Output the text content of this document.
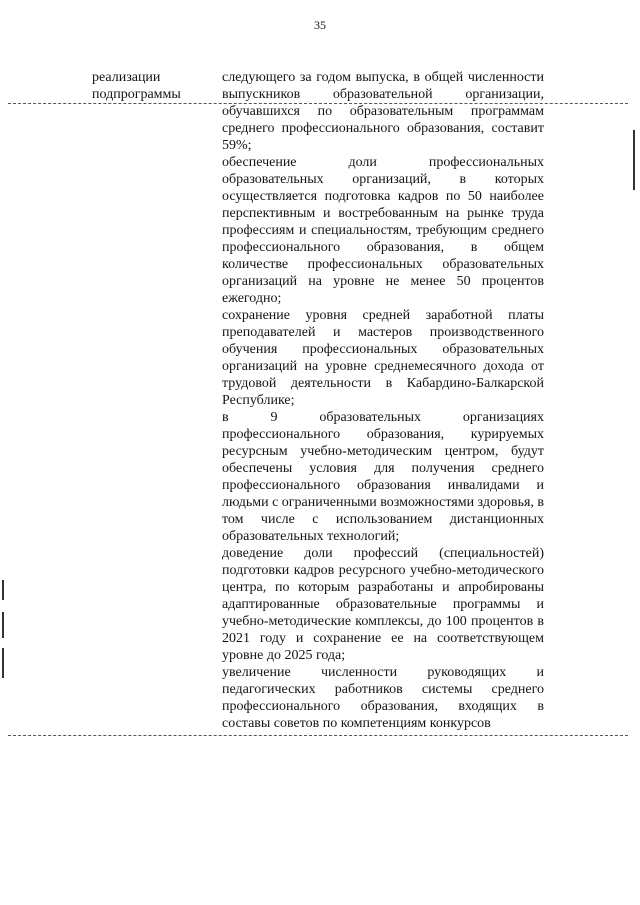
35
реализации
подпрограммы

следующего за годом выпуска, в общей численности выпускников образовательной организации, обучавшихся по образовательным программам среднего профессионального образования, составит 59%;

обеспечение доли профессиональных образовательных организаций, в которых осуществляется подготовка кадров по 50 наиболее перспективным и востребованным на рынке труда профессиям и специальностям, требующим среднего профессионального образования, в общем количестве профессиональных образовательных организаций на уровне не менее 50 процентов ежегодно;

сохранение уровня средней заработной платы преподавателей и мастеров производственного обучения профессиональных образовательных организаций на уровне среднемесячного дохода от трудовой деятельности в Кабардино-Балкарской Республике;

в 9 образовательных организациях профессионального образования, курируемых ресурсным учебно-методическим центром, будут обеспечены условия для получения среднего профессионального образования инвалидами и людьми с ограниченными возможностями здоровья, в том числе с использованием дистанционных образовательных технологий;

доведение доли профессий (специальностей) подготовки кадров ресурсного учебно-методического центра, по которым разработаны и апробированы адаптированные образовательные программы и учебно-методические комплексы, до 100 процентов в 2021 году и сохранение ее на соответствующем уровне до 2025 года;

увеличение численности руководящих и педагогических работников системы среднего профессионального образования, входящих в составы советов по компетенциям конкурсов
